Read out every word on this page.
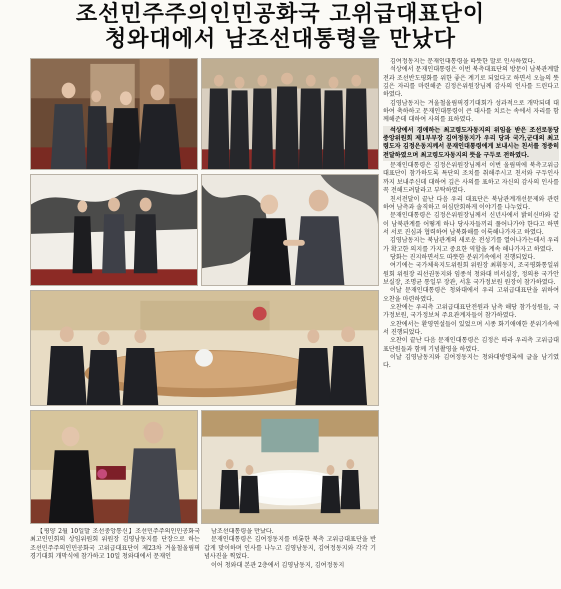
조선민주주의인민공화국 고위급대표단이
청와대에서 남조선대통령을 만났다

김여정동지는 문재인대통령을 따뜻한 말로 인사하였다.

석상에서 문재인대통령은 이번 북측대표단의 방문이 남북관계발전과 조선반도평화를 위한 좋은 계기로 되었다고 하면서 오늘의 뜻깊은 자리를 마련해준 김정은위원장님께 감사의 인사를 드린다고 하였다.

김영남동지는 겨울철올림픽경기대회가 성과적으로 개막되데 대하여 축하하고 문재인대통령이 큰 대사를 치르는 속에서 자리를 함께해준데 대하여 사의를 표하였다.

석상에서 경애하는 최고령도자동지의 위임을 받은 조선로동당 중앙위원회 제1부부장 김여정동지가 우리 당과 국가,군대의 최고령도자 김정은동지께서 문재인대통령에게 보내시는 친서를 정중히 전달하였으며 최고령도자동지의 뜻을 구두로 전하였다.

문재인대통령은 김정은위원장님께서 이번 올림픽에 북측고위급대표단이 참가하도록 특단의 조치를 취해주시고 친서와 구두인사까지 보내주신데 대하여 깊은 사의를 표하고 자신의 감사의 인사를 꼭 전해드려달라고 부탁하였다.

친서전달이 끝난 다음 우리 대표단은 북남관계개선문제와 관련하여 남측과 솔직하고 허심탄회하게 이야기를 나누었다.

문재인대통령은 김정은위원장님께서 신년사에서 밝히신바와 같이 남북관계를 어떻게 하나 당사자들끼리 풀어나가야 한다고 하면서 서로 진심과 협력하여 남북화해를 이룩해나가자고 하였다.

김영남동지는 북남관계의 새로운 전성기를 열어나가는데서 우리가 확고한 의지를 가지고 중요한 역할을 계속 해나가자고 하였다.

당화는 진지하면서도 따뜻한 분위기속에서 진행되었다.

여기에는 국가체육지도위원회 위원장 최휘동지, 조국평화통일위원회 위원장 리선권동지와 임종석 청와대 비서실장, 정의용 국가안보실장, 조명균 통일부 장관, 서훈 국가정보원 원장이 참가하였다.

이날 문재인대통령은 청와대에서 우리 고위급대표단을 위하여 오찬을 마련하였다.

오찬에는 우리측 고위급대표단전원과 남측 해당 참가성원들, 국가정보원, 국가정보처 주요관계자들이 참가하였다.

오찬에서는 환영연설들이 있었으며 시종 화기애애한 분위기속에서 진행되었다.

오찬이 끝난 다음 문재인대통령은 김정은 따라 우리측 고위급대표단원들과 함께 기념촬영을 하였다.

이날 김영남동지와 김여정동지는 청와대방명록에 글을 남기였다.

【평양 2월 10일발 조선중앙통신】조선민주주의인민공화국 최고인민회의 상임위원회 위원장 김영남동지를 단장으로 하는 조선민주주의인민공화국 고위급대표단이 제23차 겨울철올림픽경기대회 개막식에 참가하고 10일 청와대에서 문재인

남조선대통령을 만났다.

문재인대통령은 김여정동지를 비롯한 북측 고위급대표단을 반갑게 맞이하며 인사를 나누고 김영남동지, 김여정동지와 각각 기념사진을 찍었다.

이어 청와대 본관 2층에서 김영남동지, 김여정동지
